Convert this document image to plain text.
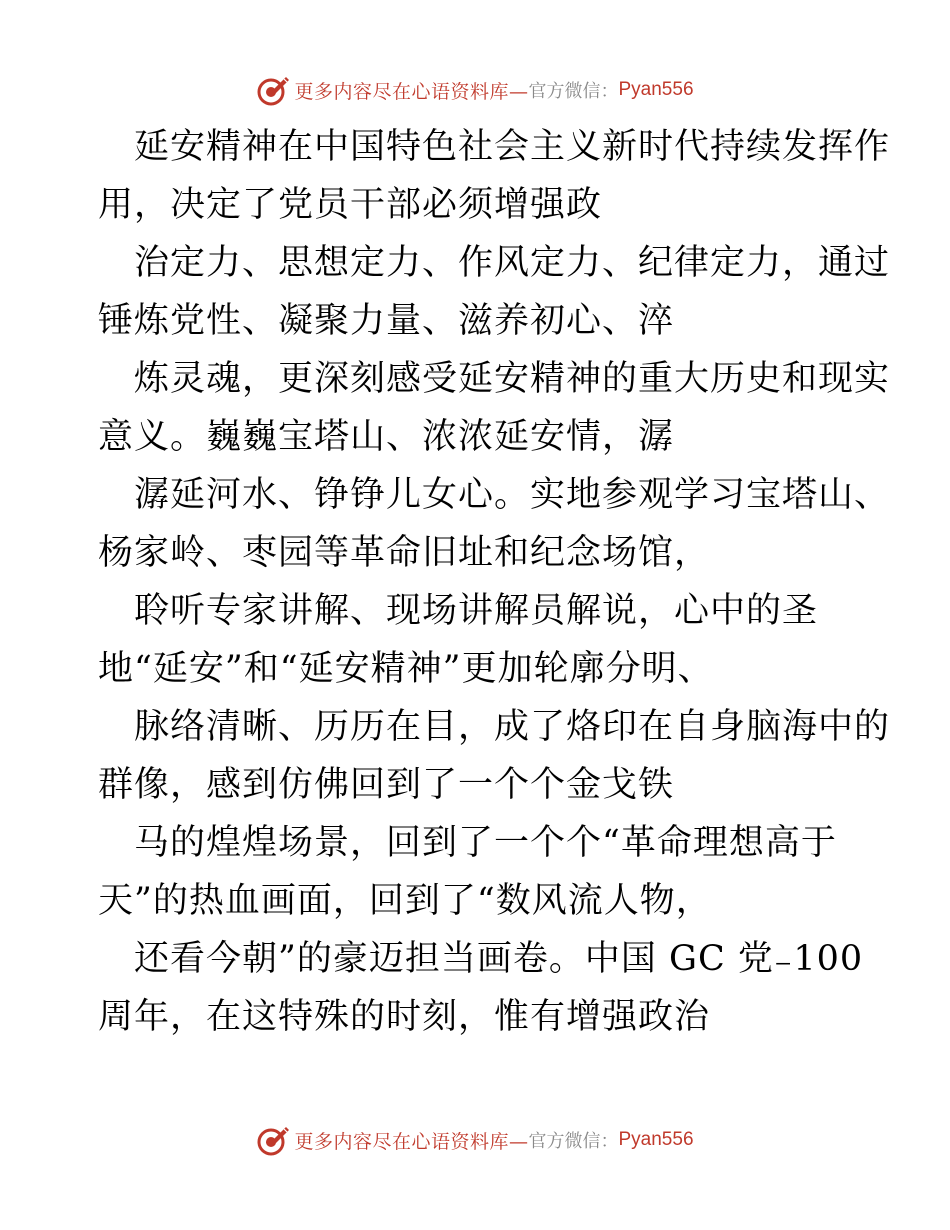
更多内容尽在心语资料库— 官方微信： Pyan556
延安精神在中国特色社会主义新时代持续发挥作
用，决定了党员干部必须增强政
治定力、思想定力、作风定力、纪律定力，通过
锤炼党性、凝聚力量、滋养初心、淬
炼灵魂，更深刻感受延安精神的重大历史和现实
意义。巍巍宝塔山、浓浓延安情，潺
潺延河水、铮铮儿女心。实地参观学习宝塔山、
杨家岭、枣园等革命旧址和纪念场馆，
聆听专家讲解、现场讲解员解说，心中的圣
地“延安”和“延安精神”更加轮廓分明、
脉络清晰、历历在目，成了烙印在自身脑海中的
群像，感到仿佛回到了一个个金戈铁
马的煌煌场景，回到了一个个“革命理想高于
天”的热血画面，回到了“数风流人物，
还看今朝”的豪迈担当画卷。中国 GC 党₋100
周年，在这特殊的时刻，惟有增强政治
更多内容尽在心语资料库— 官方微信： Pyan556
